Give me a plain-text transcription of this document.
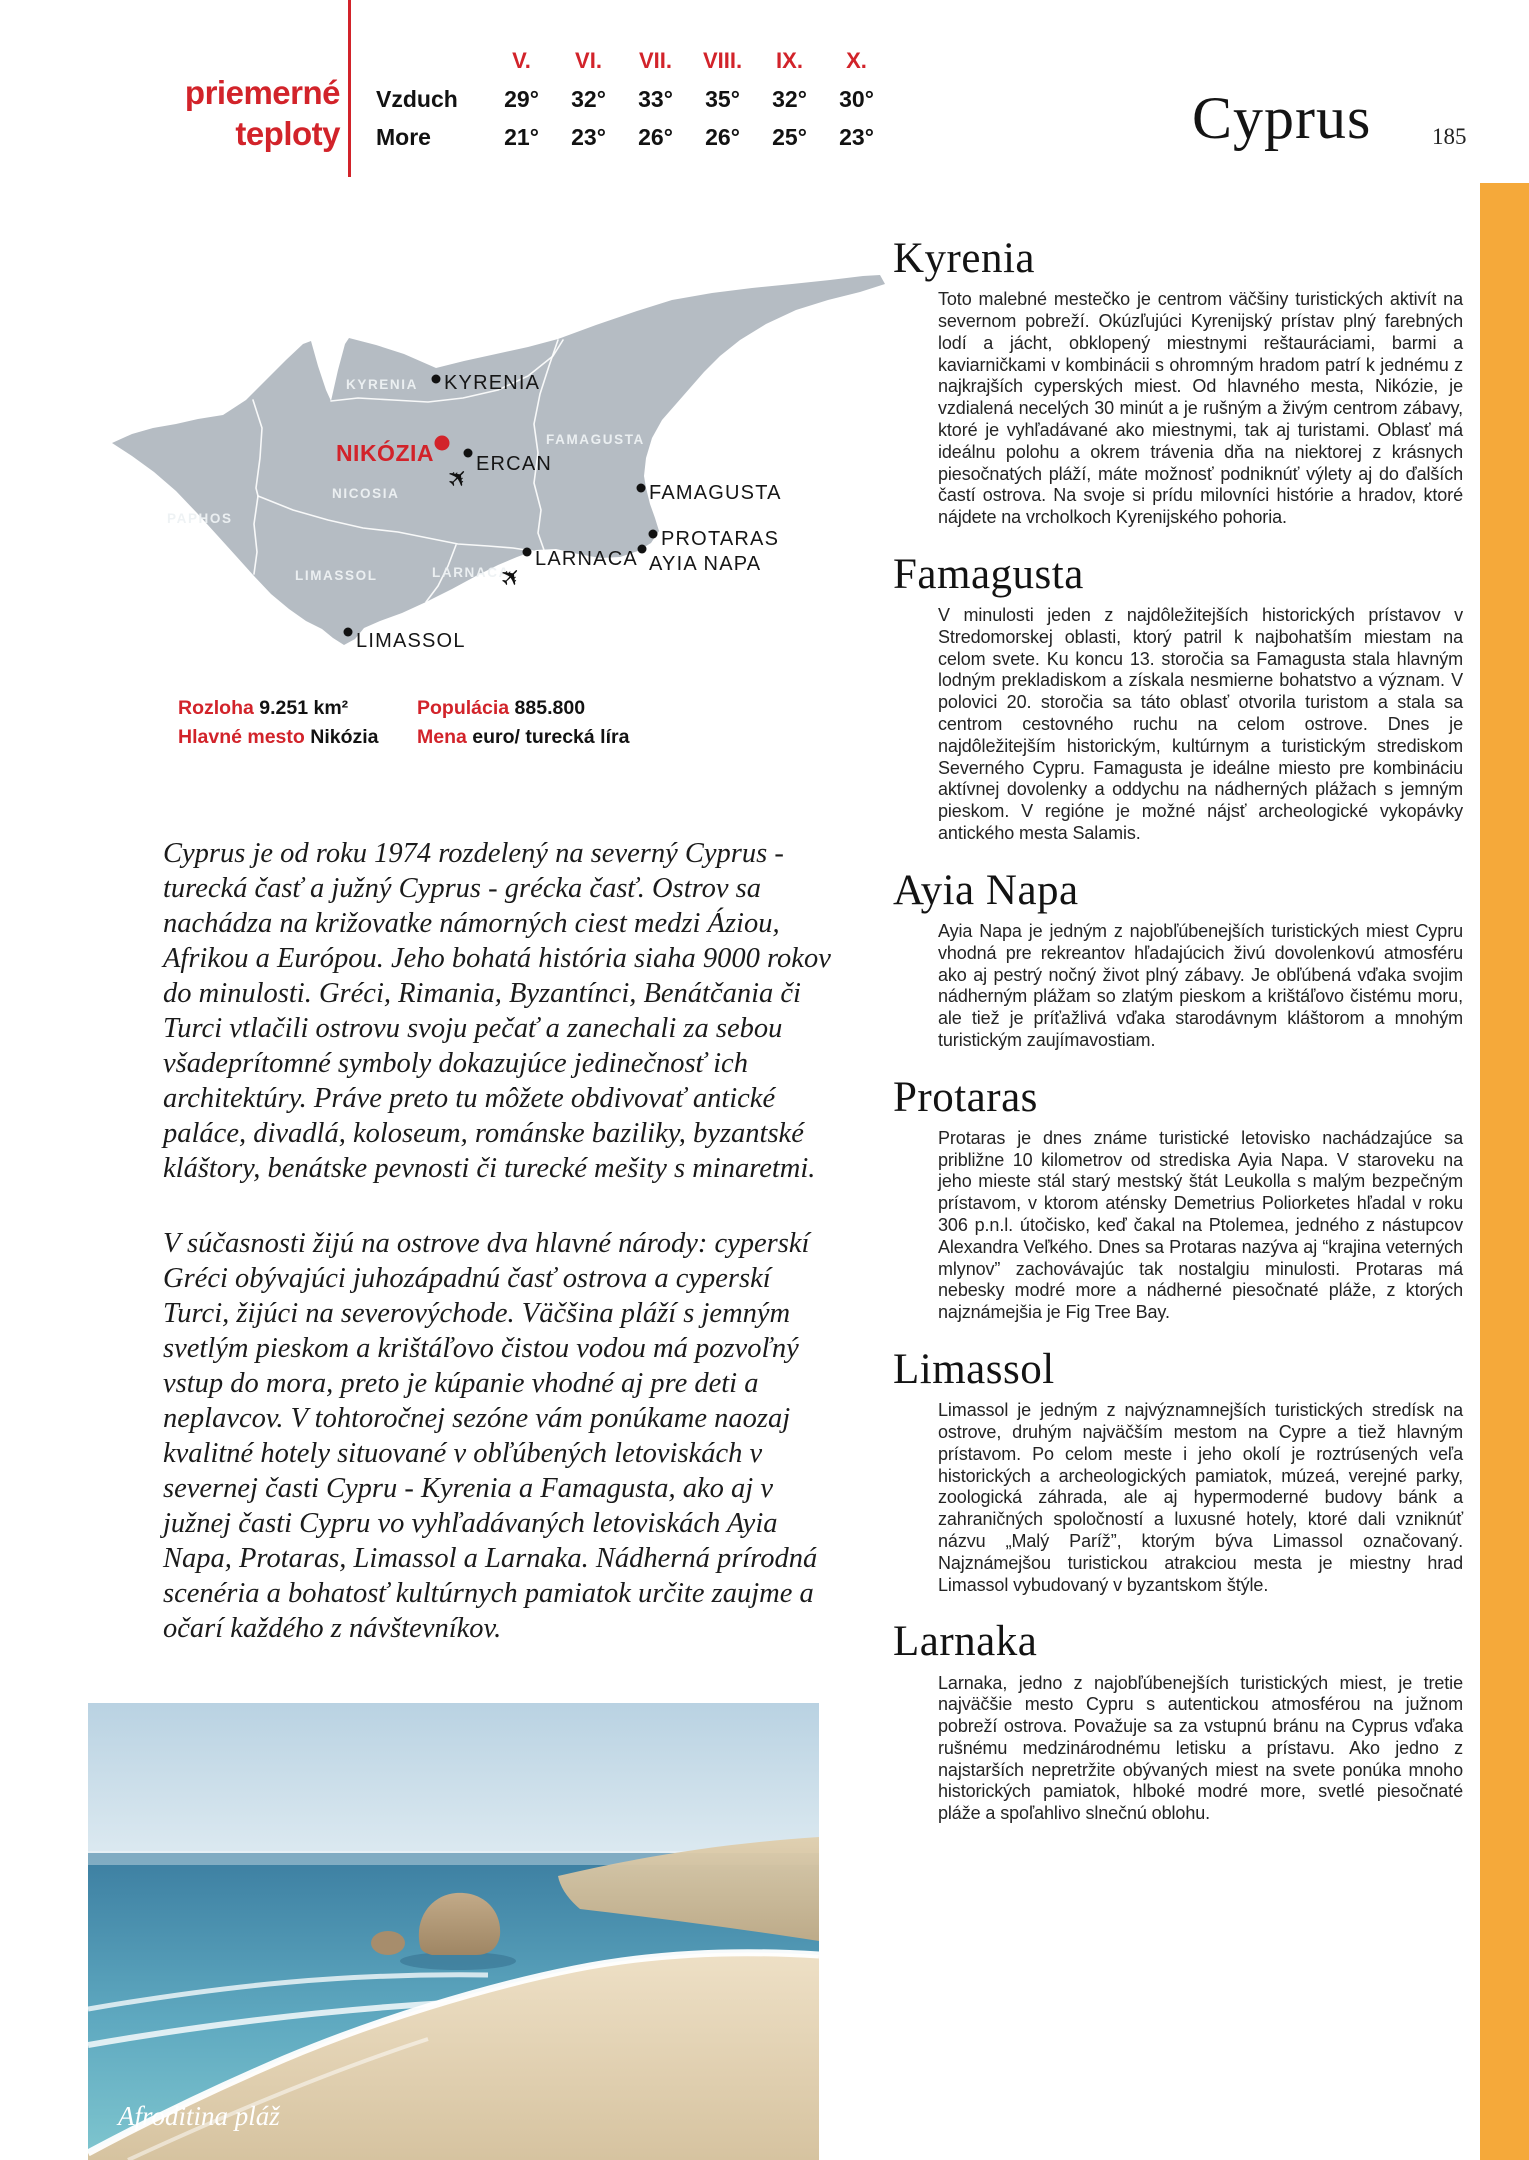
priemerné
teploty
V.	VI.	VII.	VIII.	IX.	X.
Vzduch	29°	32°	33°	35°	32°	30°
More	21°	23°	26°	26°	25°	23°	Cyprus	185
KYRENIA
NICOSIA
FAMAGUSTA
PAPHOS
LIMASSOL	LARNACA
KYRENIA
NIKÓZIA
✈ ERCAN
FAMAGUSTA
PROTARAS
AYIA NAPA
✈
LARNACA
LIMASSOL
Rozloha 9.251 km²
Hlavné mesto Nikózia
Populácia 885.800
Mena euro/ turecká líra

Cyprus je od roku 1974 rozdelený na severný Cyprus - turecká časť a južný Cyprus - grécka časť. Ostrov sa nachádza na križovatke námorných ciest medzi Áziou, Afrikou a Európou. Jeho bohatá história siaha 9000 rokov do minulosti. Gréci, Rimania, Byzantínci, Benátčania či Turci vtlačili ostrovu svoju pečať a zanechali za sebou všadeprítomné symboly dokazujúce jedinečnosť ich architektúry. Práve preto tu môžete obdivovať antické paláce, divadlá, koloseum, románske baziliky, byzantské kláštory, benátske pevnosti či turecké mešity s minaretmi.

V súčasnosti žijú na ostrove dva hlavné národy: cyperskí Gréci obývajúci juhozápadnú časť ostrova a cyperskí Turci, žijúci na severovýchode. Väčšina pláží s jemným svetlým pieskom a krištáľovo čistou vodou má pozvoľný vstup do mora, preto je kúpanie vhodné aj pre deti a neplavcov. V tohtoročnej sezóne vám ponúkame naozaj kvalitné hotely situované v obľúbených letoviskách v severnej časti Cypru - Kyrenia a Famagusta, ako aj v južnej časti Cypru vo vyhľadávaných letoviskách Ayia Napa, Protaras, Limassol a Larnaka. Nádherná prírodná scenéria a bohatosť kultúrnych pamiatok určite zaujme a očarí každého z návštevníkov.

Kyrenia

Toto malebné mestečko je centrom väčšiny turistických aktivít na severnom pobreží. Okúzľujúci Kyrenijský prístav plný farebných lodí a jácht, obklopený miestnymi reštauráciami, barmi a kaviarničkami v kombinácii s ohromným hradom patrí k jednému z najkrajších cyperských miest. Od hlavného mesta, Nikózie, je vzdialená necelých 30 minút a je rušným a živým centrom zábavy, ktoré je vyhľadávané ako miestnymi, tak aj turistami. Oblasť má ideálnu polohu a okrem trávenia dňa na niektorej z krásnych piesočnatých pláží, máte možnosť podniknúť výlety aj do ďalších častí ostrova. Na svoje si prídu milovníci histórie a hradov, ktoré nájdete na vrcholkoch Kyrenijského pohoria.

Famagusta

V minulosti jeden z najdôležitejších historických prístavov v Stredomorskej oblasti, ktorý patril k najbohatším miestam na celom svete. Ku koncu 13. storočia sa Famagusta stala hlavným lodným prekladiskom a získala nesmierne bohatstvo a význam. V polovici 20. storočia sa táto oblasť otvorila turistom a stala sa centrom cestovného ruchu na celom ostrove. Dnes je najdôležitejším historickým, kultúrnym a turistickým strediskom Severného Cypru. Famagusta je ideálne miesto pre kombináciu aktívnej dovolenky a oddychu na nádherných plážach s jemným pieskom. V regióne je možné nájsť archeologické vykopávky antického mesta Salamis.

Ayia Napa

Ayia Napa je jedným z najobľúbenejších turistických miest Cypru vhodná pre rekreantov hľadajúcich živú dovolenkovú atmosféru ako aj pestrý nočný život plný zábavy. Je obľúbená vďaka svojim nádherným plážam so zlatým pieskom a krištáľovo čistému moru, ale tiež je príťažlivá vďaka starodávnym kláštorom a mnohým turistickým zaujímavostiam.

Protaras

Protaras je dnes známe turistické letovisko nachádzajúce sa približne 10 kilometrov od strediska Ayia Napa. V staroveku na jeho mieste stál starý mestský štát Leukolla s malým bezpečným prístavom, v ktorom aténsky Demetrius Poliorketes hľadal v roku 306 p.n.l. útočisko, keď čakal na Ptolemea, jedného z nástupcov Alexandra Veľkého. Dnes sa Protaras nazýva aj “krajina veterných mlynov” zachovávajúc tak nostalgiu minulosti. Protaras má nebesky modré more a nádherné piesočnaté pláže, z ktorých najznámejšia je Fig Tree Bay.

Limassol

Limassol je jedným z najvýznamnejších turistických stredísk na ostrove, druhým najväčším mestom na Cypre a tiež hlavným prístavom. Po celom meste i jeho okolí je roztrúsených veľa historických a archeologických pamiatok, múzeá, verejné parky, zoologická záhrada, ale aj hypermoderné budovy bánk a zahraničných spoločností a luxusné hotely, ktoré dali vzniknúť názvu „Malý Paríž”, ktorým býva Limassol označovaný. Najznámejšou turistickou atrakciou mesta je miestny hrad Limassol vybudovaný v byzantskom štýle.

Larnaka

Larnaka, jedno z najobľúbenejších turistických miest, je tretie najväčšie mesto Cypru s autentickou atmosférou na južnom pobreží ostrova. Považuje sa za vstupnú bránu na Cyprus vďaka rušnému medzinárodnému letisku a prístavu. Ako jedno z najstarších nepretržite obývaných miest na svete ponúka mnoho historických pamiatok, hlboké modré more, svetlé piesočnaté pláže a spoľahlivo slnečnú oblohu.

Afroditina pláž
